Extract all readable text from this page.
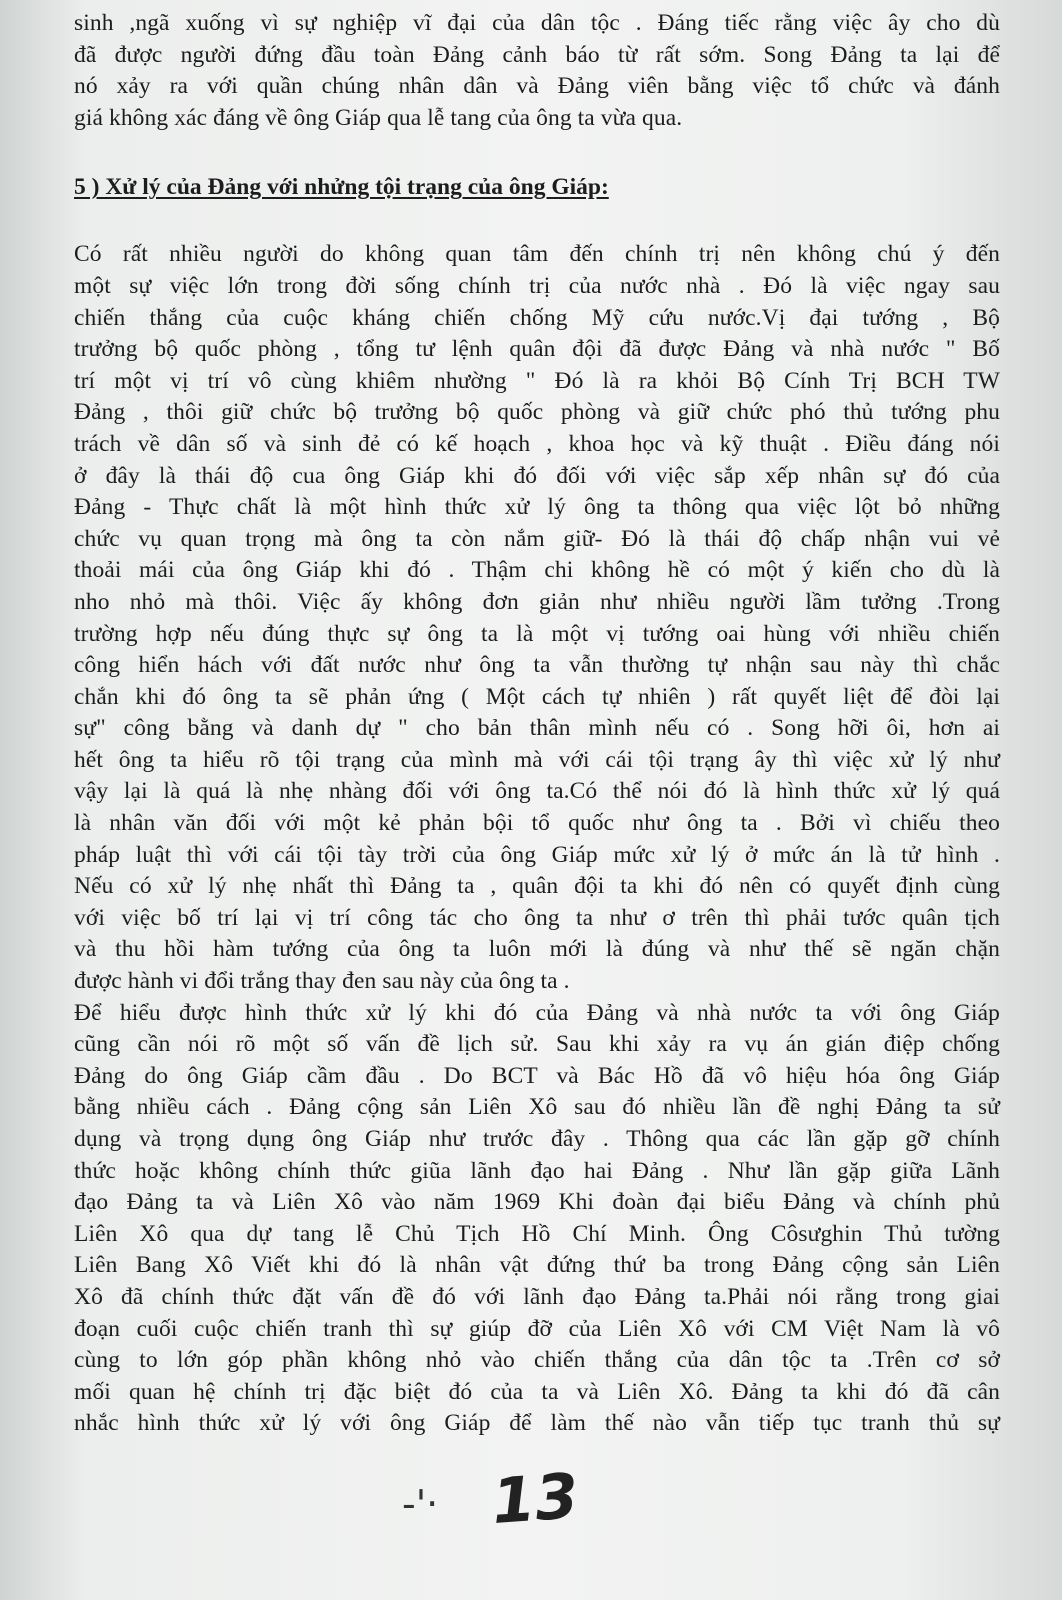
sinh ,ngã xuống vì sự nghiệp vĩ đại của dân tộc . Đáng tiếc rằng việc ây cho dù
đã được người đứng đầu toàn Đảng cảnh báo từ rất sớm. Song Đảng ta lại để
nó xảy ra với quần chúng nhân dân và Đảng viên bằng việc tổ chức và đánh
giá không xác đáng về ông Giáp qua lễ tang của ông ta vừa qua.
5 ) Xử lý của Đảng với nhửng tội trạng của ông Giáp:
Có rất nhiều người do không quan tâm đến chính trị nên không chú ý đến
một sự việc lớn trong đời sống chính trị của nước nhà . Đó là việc ngay sau
chiến thắng của cuộc kháng chiến chống Mỹ cứu nước.Vị đại tướng , Bộ
trưởng bộ quốc phòng , tổng tư lệnh quân đội đã được Đảng và nhà nước " Bố
trí một vị trí vô cùng khiêm nhường " Đó là ra khỏi Bộ Cính Trị BCH TW
Đảng , thôi giữ chức bộ trưởng bộ quốc phòng và giữ chức phó thủ tướng phu
trách về dân số và sinh đẻ có kế hoạch , khoa học và kỹ thuật . Điều đáng nói
ở đây là thái độ cua ông Giáp khi đó đối với việc sắp xếp nhân sự đó của
Đảng - Thực chất là một hình thức xử lý ông ta thông qua việc lột bỏ những
chức vụ quan trọng mà ông ta còn nắm giữ- Đó là thái độ chấp nhận vui vẻ
thoải mái của ông Giáp khi đó . Thậm chi không hề có một ý kiến cho dù là
nho nhỏ mà thôi. Việc ấy không đơn giản như nhiều người lầm tưởng .Trong
trường hợp nếu đúng thực sự ông ta là một vị tướng oai hùng với nhiều chiến
công hiển hách với đất nước như ông ta vẫn thường tự nhận sau này thì chắc
chắn khi đó ông ta sẽ phản ứng ( Một cách tự nhiên ) rất quyết liệt để đòi lại
sự" công bằng và danh dự " cho bản thân mình nếu có . Song hỡi ôi, hơn ai
hết ông ta hiểu rõ tội trạng của mình mà với cái tội trạng ây thì việc xử lý như
vậy lại là quá là nhẹ nhàng đối với ông ta.Có thể nói đó là hình thức xử lý quá
là nhân văn đối với một kẻ phản bội tổ quốc như ông ta . Bởi vì chiếu theo
pháp luật thì với cái tội tày trời của ông Giáp mức xử lý ở mức án là tử hình .
Nếu có xử lý nhẹ nhất thì Đảng ta , quân đội ta khi đó nên có quyết định cùng
với việc bố trí lại vị trí công tác cho ông ta như ơ trên thì phải tước quân tịch
và thu hồi hàm tướng của ông ta luôn mới là đúng và như thế sẽ ngăn chặn
được hành vi đổi trắng thay đen sau này của ông ta .
Để hiểu được hình thức xử lý khi đó của Đảng và nhà nước ta với ông Giáp
cũng cần nói rõ một số vấn đề lịch sử. Sau khi xảy ra vụ án gián điệp chống
Đảng do ông Giáp cầm đầu . Do BCT và Bác Hồ đã vô hiệu hóa ông Giáp
bằng nhiều cách . Đảng cộng sản Liên Xô sau đó nhiều lần đề nghị Đảng ta sử
dụng và trọng dụng ông Giáp như trước đây . Thông qua các lần gặp gỡ chính
thức hoặc không chính thức giũa lãnh đạo hai Đảng . Như lần gặp giữa Lãnh
đạo Đảng ta và Liên Xô vào năm 1969 Khi đoàn đại biểu Đảng và chính phủ
Liên Xô qua dự tang lễ Chủ Tịch Hồ Chí Minh. Ông Côsưghin Thủ tường
Liên Bang Xô Viết khi đó là nhân vật đứng thứ ba trong Đảng cộng sản Liên
Xô đã chính thức đặt vấn đề đó với lãnh đạo Đảng ta.Phải nói rằng trong giai
đoạn cuối cuộc chiến tranh thì sự giúp đỡ của Liên Xô với CM Việt Nam là vô
cùng to lớn góp phần không nhỏ vào chiến thắng của dân tộc ta .Trên cơ sở
mối quan hệ chính trị đặc biệt đó của ta và Liên Xô. Đảng ta khi đó đã cân
nhắc hình thức xử lý với ông Giáp để làm thế nào vẫn tiếp tục tranh thủ sự
-'· 13
